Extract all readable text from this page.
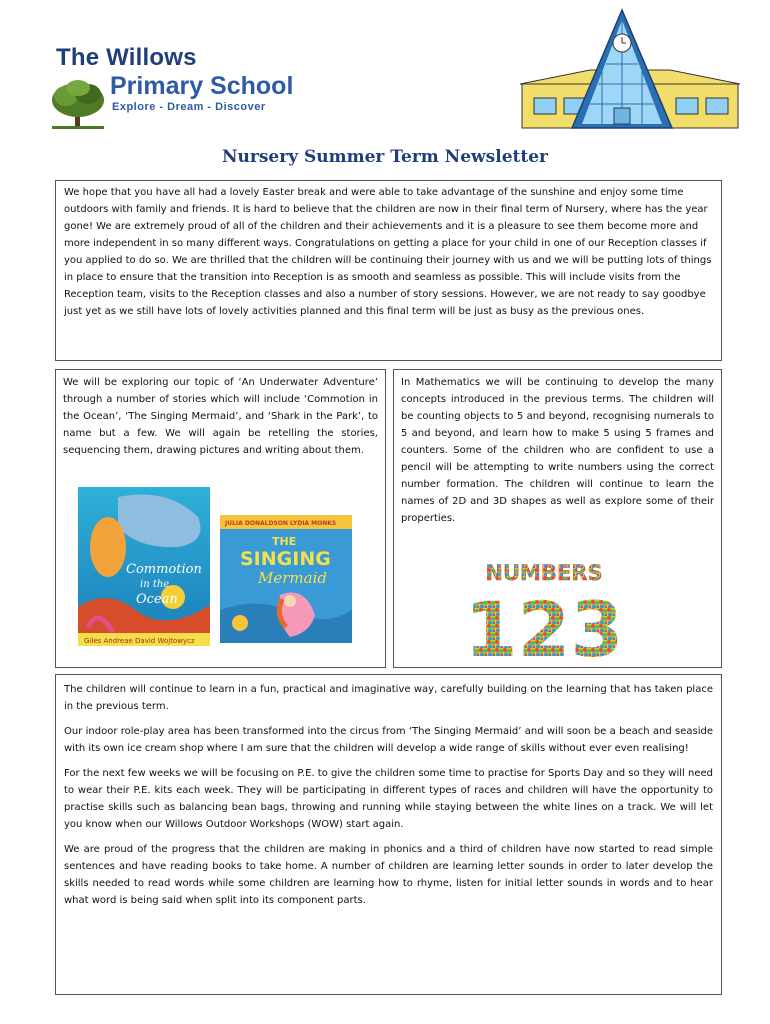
The Willows
Primary School
Explore - Dream - Discover
Nursery Summer Term Newsletter
We hope that you have all had a lovely Easter break and were able to take advantage of the sunshine and enjoy some time outdoors with family and friends. It is hard to believe that the children are now in their final term of Nursery, where has the year gone! We are extremely proud of all of the children and their achievements and it is a pleasure to see them become more and more independent in so many different ways. Congratulations on getting a place for your child in one of our Reception classes if you applied to do so. We are thrilled that the children will be continuing their journey with us and we will be putting lots of things in place to ensure that the transition into Reception is as smooth and seamless as possible. This will include visits from the Reception team, visits to the Reception classes and also a number of story sessions. However, we are not ready to say goodbye just yet as we still have lots of lovely activities planned and this final term will be just as busy as the previous ones.
We will be exploring our topic of ‘An Underwater Adventure’ through a number of stories which will include ‘Commotion in the Ocean’, ‘The Singing Mermaid’, and ‘Shark in the Park’, to name but a few. We will again be retelling the stories, sequencing them, drawing pictures and writing about them.
Commotion
in the
Ocean
Giles Andreae David Wojtowycz
JULIA DONALDSON LYDIA MONKS
THE
SINGING
Mermaid
In Mathematics we will be continuing to develop the many concepts introduced in the previous terms. The children will be counting objects to 5 and beyond, recognising numerals to 5 and beyond, and learn how to make 5 using 5 frames and counters. Some of the children who are confident to use a pencil will be attempting to write numbers using the correct number formation. The children will continue to learn the names of 2D and 3D shapes as well as explore some of their properties.
NUMBERS
123

The children will continue to learn in a fun, practical and imaginative way, carefully building on the learning that has taken place in the previous term.

Our indoor role-play area has been transformed into the circus from ‘The Singing Mermaid’ and will soon be a beach and seaside with its own ice cream shop where I am sure that the children will develop a wide range of skills without ever even realising!

For the next few weeks we will be focusing on P.E. to give the children some time to practise for Sports Day and so they will need to wear their P.E. kits each week. They will be participating in different types of races and children will have the opportunity to practise skills such as balancing bean bags, throwing and running while staying between the white lines on a track. We will let you know when our Willows Outdoor Workshops (WOW) start again.

We are proud of the progress that the children are making in phonics and a third of children have now started to read simple sentences and have reading books to take home. A number of children are learning letter sounds in order to later develop the skills needed to read words while some children are learning how to rhyme, listen for initial letter sounds in words and to hear what word is being said when split into its component parts.
